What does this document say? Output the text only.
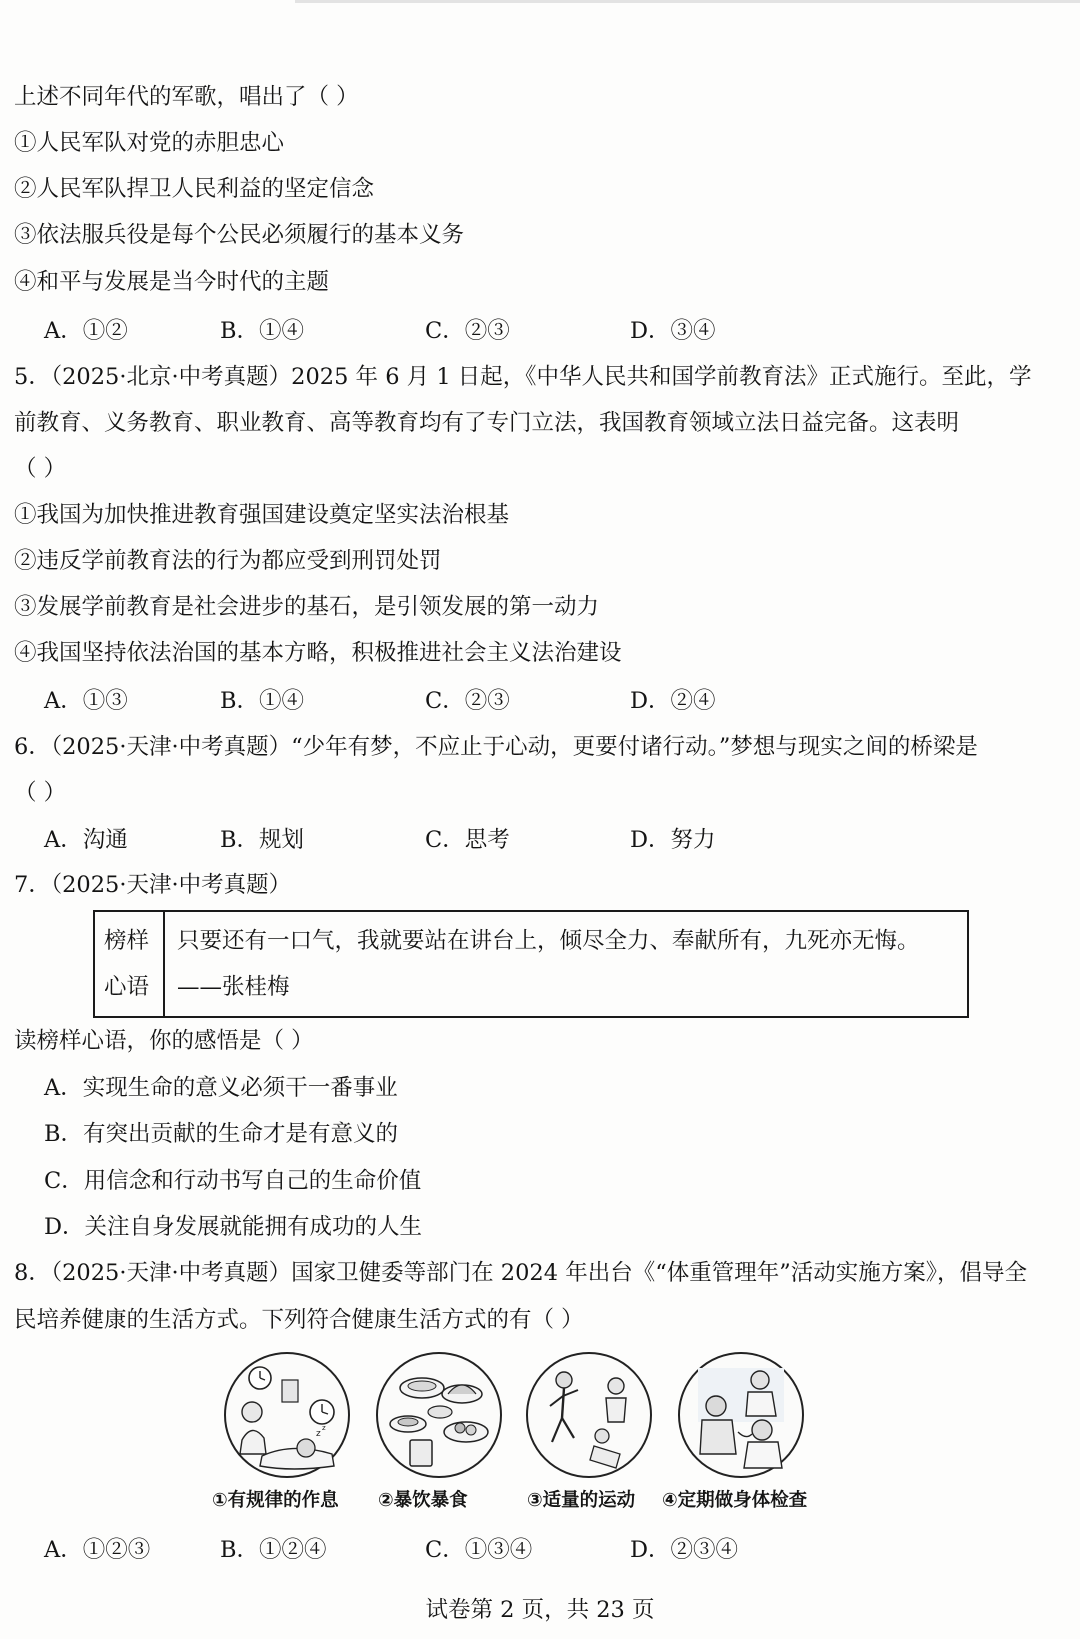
上述不同年代的军歌，唱出了（ ）
①人民军队对党的赤胆忠心
②人民军队捍卫人民利益的坚定信念
③依法服兵役是每个公民必须履行的基本义务
④和平与发展是当今时代的主题
A．①②	B．①④	C．②③	D．③④
5．（2025·北京·中考真题）2025 年 6 月 1 日起，《中华人民共和国学前教育法》正式施行。至此，学
前教育、义务教育、职业教育、高等教育均有了专门立法，我国教育领域立法日益完备。这表明
（ ）
①我国为加快推进教育强国建设奠定坚实法治根基
②违反学前教育法的行为都应受到刑罚处罚
③发展学前教育是社会进步的基石，是引领发展的第一动力
④我国坚持依法治国的基本方略，积极推进社会主义法治建设
A．①③	B．①④	C．②③	D．②④
6．（2025·天津·中考真题）“少年有梦，不应止于心动，更要付诸行动。”梦想与现实之间的桥梁是
（ ）
A．沟通	B．规划	C．思考	D．努力
7．（2025·天津·中考真题）
榜样
心语
只要还有一口气，我就要站在讲台上，倾尽全力、奉献所有，九死亦无悔。
——张桂梅
读榜样心语，你的感悟是（ ）
A．实现生命的意义必须干一番事业
B．有突出贡献的生命才是有意义的
C．用信念和行动书写自己的生命价值
D．关注自身发展就能拥有成功的人生
8．（2025·天津·中考真题）国家卫健委等部门在 2024 年出台《“体重管理年”活动实施方案》，倡导全
民培养健康的生活方式。下列符合健康生活方式的有（ ）
z
z
①有规律的作息 ②暴饮暴食	③适量的运动 ④定期做身体检查
A．①②③	B．①②④	C．①③④	D．②③④
试卷第 2 页，共 23 页
